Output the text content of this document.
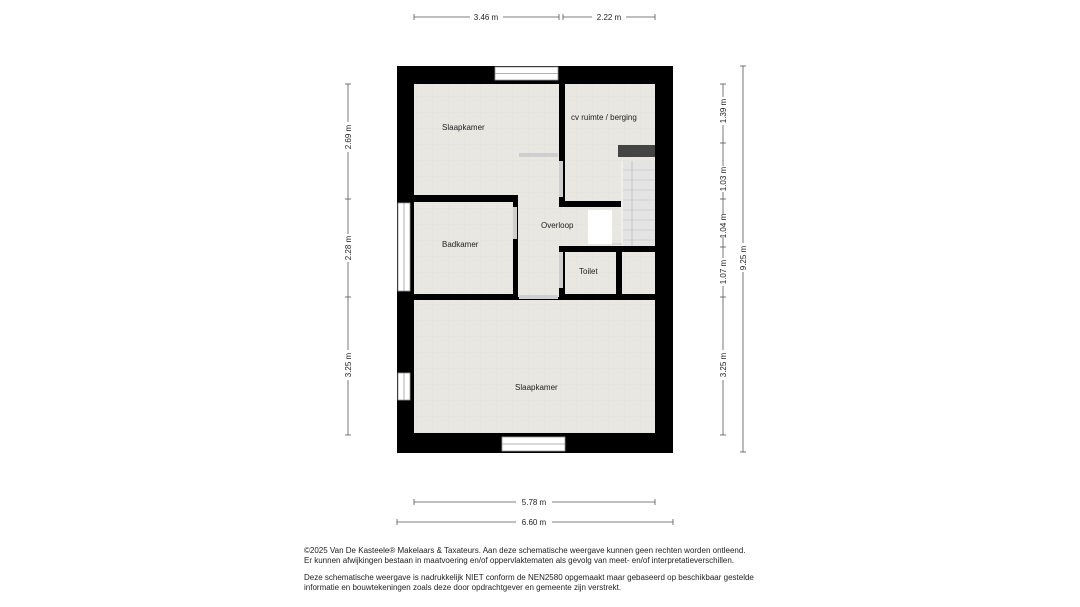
Slaapkamer
cv ruimte / berging
Overloop
Badkamer
Toilet
Slaapkamer
3.46 m	2.22 m
2.69 m
2.28 m
3.25 m
1.39 m
1.03 m
1.04 m
1.07 m
3.25 m
9.25 m
5.78 m
6.60 m

©2025 Van De Kasteele® Makelaars & Taxateurs. Aan deze schematische weergave kunnen geen rechten worden ontleend.
Er kunnen afwijkingen bestaan in maatvoering en/of oppervlaktematen als gevolg van meet- en/of interpretatieverschillen.

Deze schematische weergave is nadrukkelijk NIET conform de NEN2580 opgemaakt maar gebaseerd op beschikbaar gestelde
informatie en bouwtekeningen zoals deze door opdrachtgever en gemeente zijn verstrekt.
